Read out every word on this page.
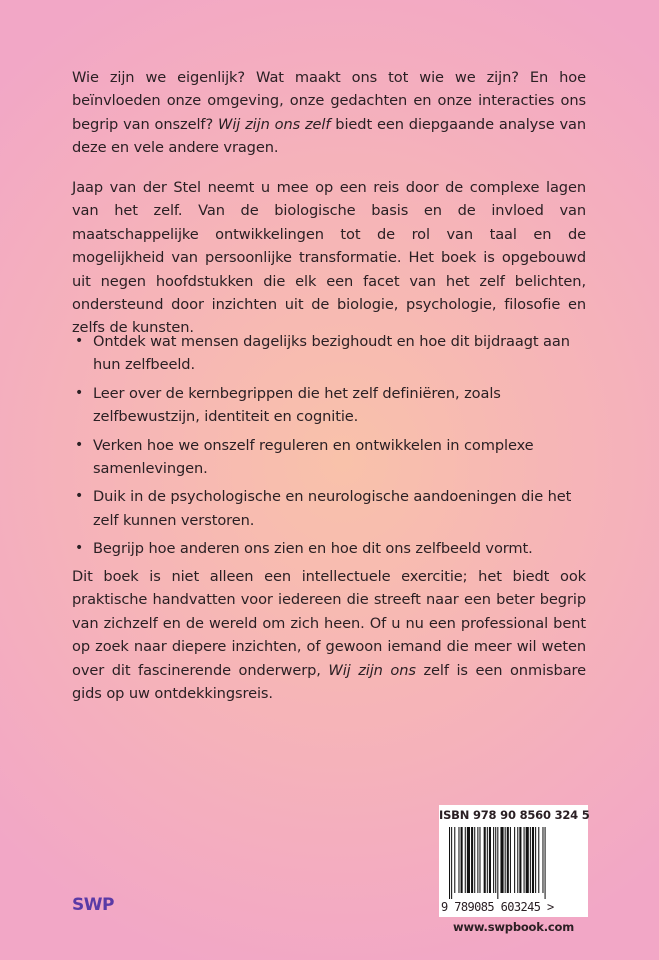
Wie zijn we eigenlijk? Wat maakt ons tot wie we zijn? En hoe beïnvloeden onze omgeving, onze gedachten en onze interacties ons begrip van onszelf? Wij zijn ons zelf biedt een diepgaande analyse van deze en vele andere vragen.

Jaap van der Stel neemt u mee op een reis door de complexe lagen van het zelf. Van de biologische basis en de invloed van maatschappelijke ontwikkelingen tot de rol van taal en de mogelijkheid van persoonlijke transformatie. Het boek is opgebouwd uit negen hoofdstukken die elk een facet van het zelf belichten, ondersteund door inzichten uit de biologie, psychologie, filosofie en zelfs de kunsten.

• Ontdek wat mensen dagelijks bezighoudt en hoe dit bijdraagt aan hun zelfbeeld.
• Leer over de kernbegrippen die het zelf definiëren, zoals zelfbewustzijn, identiteit en cognitie.
• Verken hoe we onszelf reguleren en ontwikkelen in complexe samenlevingen.
• Duik in de psychologische en neurologische aandoeningen die het zelf kunnen verstoren.
• Begrijp hoe anderen ons zien en hoe dit ons zelfbeeld vormt.

Dit boek is niet alleen een intellectuele exercitie; het biedt ook praktische handvatten voor iedereen die streeft naar een beter begrip van zichzelf en de wereld om zich heen. Of u nu een professional bent op zoek naar diepere inzichten, of gewoon iemand die meer wil weten over dit fascinerende onderwerp, Wij zijn ons zelf is een onmisbare gids op uw ontdekkingsreis.

SWP
ISBN 978 90 8560 324 5
9 789085 603245 >
www.swpbook.com
